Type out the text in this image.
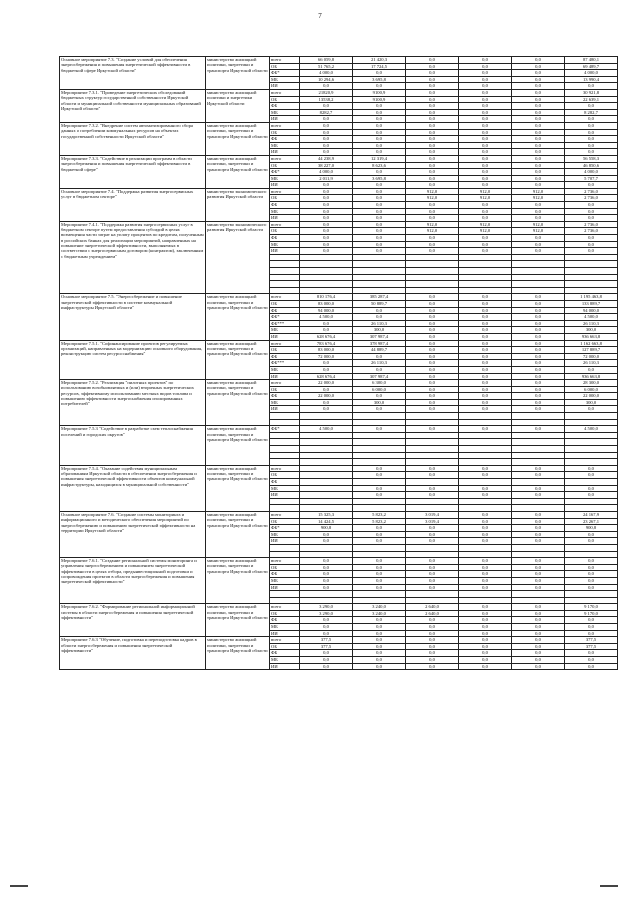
7
Основное мероприятие 7.3. "Создание условий для обеспечения энергосбережения и повышения энергетической эффективности в бюджетной сфере Иркутской области"	министерство жилищной политики, энергетики и транспорта Иркутской области	всего	66 059,8	21 420,3	0,0	0,0	0,0	87 480,1
		ОБ	51 765,2	17 724,5	0,0	0,0	0,0	69 489,7
		ФБ*	4 000,0	0,0	0,0	0,0	0,0	4 000,0
		МБ	10 294,6	3 695,8	0,0	0,0	0,0	13 990,4
		ИИ	0,0	0,0	0,0	0,0	0,0	0,0
Мероприятие 7.3.1. "Проведение энергетических обследований бюджетных структур государственной собственности Иркутской области и муниципальной собственности муниципальных образований Иркутской области"	министерство жилищной политики и энергетики Иркутской области	всего	21820,9	9100,9	0,0	0,0	0,0	30 921,8
		ОБ	13538,2	9100,9	0,0	0,0	0,0	22 639,1
		ФБ	0,0	0,0	0,0	0,0	0,0	0,0
		МБ	8282,7	0,0	0,0	0,0	0,0	8 282,7
		ИИ	0,0	0,0	0,0	0,0	0,0	0,0
Мероприятие 7.3.2. "Внедрение систем автоматизированного сбора данных о потреблении коммунальных ресурсов на объектах государственной собственности Иркутской области"	министерство жилищной политики, энергетики и транспорта Иркутской области	всего	0,0	0,0	0,0	0,0	0,0	0,0
		ОБ	0,0	0,0	0,0	0,0	0,0	0,0
		ФБ	0,0	0,0	0,0	0,0	0,0	0,0
		МБ	0,0	0,0	0,0	0,0	0,0	0,0
		ИИ	0,0	0,0	0,0	0,0	0,0	0,0
Мероприятие 7.3.3. "Содействие в реализации программ в области энергосбережения и повышения энергетической эффективности в бюджетной сфере"	министерство жилищной политики, энергетики и транспорта Иркутской области	всего	44 238,9	12 319,4	0,0	0,0	0,0	56 558,3
		ОБ	38 227,0	8 623,6	0,0	0,0	0,0	46 850,6
		ФБ*	4 000,0	0,0	0,0	0,0	0,0	4 000,0
		МБ	2 011,9	3 695,8	0,0	0,0	0,0	5 707,7
		ИИ	0,0	0,0	0,0	0,0	0,0	0,0
Основное мероприятие 7.4. "Поддержка развития энергосервисных услуг в бюджетном секторе"	министерство экономического развития Иркутской области	всего	0,0	0,0	912,0	912,0	912,0	2 736,0
		ОБ	0,0	0,0	912,0	912,0	912,0	2 736,0
		ФБ	0,0	0,0	0,0	0,0	0,0	0,0
		МБ	0,0	0,0	0,0	0,0	0,0	0,0
		ИИ	0,0	0,0	0,0	0,0	0,0	0,0
Мероприятие 7.4.1. "Поддержка развития энергосервисных услуг в бюджетном секторе путем предоставления субсидий в целях возмещения части затрат на уплату процентов по кредитам, полученным в российских банках для реализации мероприятий, направленных на повышение энергетической эффективности, выполняемых в соответствии с энергосервисным договором (контрактом), заключенным с бюджетным учреждением"	министерство экономического развития Иркутской области	всего	0,0	0,0	912,0	912,0	912,0	2 736,0
		ОБ	0,0	0,0	912,0	912,0	912,0	2 736,0
		ФБ	0,0	0,0	0,0	0,0	0,0	0,0
		МБ	0,0	0,0	0,0	0,0	0,0	0,0
		ИИ	0,0	0,0	0,0	0,0	0,0	0,0

Основное мероприятие 7.5. "Энергосбережение и повышение энергетической эффективности в системе коммунальной инфраструктуры Иркутской области"	министерство жилищной политики, энергетики и транспорта Иркутской области	всего	810 176,4	385 287,4	0,0	0,0	0,0	1 195 463,8
		ОБ	83 000,0	50 889,7	0,0	0,0	0,0	133 889,7
		ФБ	94 000,0	0,0	0,0	0,0	0,0	94 000,0
		ФБ*	4 500,0	0,0	0,0	0,0	0,0	4 500,0
		ФБ***	0,0	26 110,3	0,0	0,0	0,0	26 110,3
		МБ	0,0	300,0	0,0	0,0	0,0	300,0
		ИИ	628 676,4	307 987,4	0,0	0,0	0,0	936 663,8
Мероприятие 7.5.1. "Софинансирование проектов регулируемых организаций, направленных на модернизацию основного оборудования, реконструкцию систем ресурсоснабжения"	министерство жилищной политики, энергетики и транспорта Иркутской области	всего	783 676,4	378 987,4	0,0	0,0	0,0	1 162 663,8
		ОБ	83 000,0	44 889,7	0,0	0,0	0,0	127 889,7
		ФБ	72 000,0	0,0	0,0	0,0	0,0	72 000,0
		ФБ***	0,0	26 110,3	0,0	0,0	0,0	26 110,3
		МБ	0,0	0,0	0,0	0,0	0,0	0,0
		ИИ	628 676,4	307 987,4	0,0	0,0	0,0	936 663,8
Мероприятие 7.5.2. "Реализация "пилотных проектов" по использованию возобновляемых и (или) вторичных энергетических ресурсов, эффективному использованию местных видов топлива и повышению эффективности энергоснабжения изолированных потребителей"	министерство жилищной политики, энергетики и транспорта Иркутской области	всего	22 000,0	6 300,0	0,0	0,0	0,0	28 300,0
		ОБ	0,0	6 000,0	0,0	0,0	0,0	6 000,0
		ФБ	22 000,0	0,0	0,0	0,0	0,0	22 000,0
		МБ	0,0	300,0	0,0	0,0	0,0	300,0
		ИИ	0,0	0,0	0,0	0,0	0,0	0,0

Мероприятие 7.5.3 "Содействие в разработке схем теплоснабжения поселений и городских округов"	министерство жилищной политики, энергетики и транспорта Иркутской области	ФБ*	4 500,0	0,0	0,0	0,0	0,0	4 500,0

Мероприятие 7.5.4. "Оказание содействия муниципальным образованиям Иркутской области в обеспечении энергосбережения и повышения энергетической эффективности объектов коммунальной инфраструктуры, находящихся в муниципальной собственности"	министерство жилищной политики, энергетики и транспорта Иркутской области	всего		0,0	0,0	0,0	0,0	0,0
		ОБ		0,0	0,0	0,0	0,0	0,0
		ФБ						
		МБ		0,0	0,0	0,0	0,0	0,0
		ИИ		0,0	0,0	0,0	0,0	0,0

Основное мероприятие 7.6. "Создание системы мониторинга и информационного и методического обеспечения мероприятий по энергосбережению и повышению энергетической эффективности на территории Иркутской области"	министерство жилищной политики, энергетики и транспорта Иркутской области	всего	15 325,3	5 823,2	3 019,4	0,0	0,0	24 167,9
		ОБ	14 424,5	5 823,2	3 019,4	0,0	0,0	23 267,1
		ФБ*	900,8	0,0	0,0	0,0	0,0	900,8
		МБ	0,0	0,0	0,0	0,0	0,0	0,0
		ИИ	0,0	0,0	0,0	0,0	0,0	0,0

Мероприятие 7.6.1. "Создание региональной системы мониторинга и управления энергосбережением и повышением энергетической эффективности в целях отбора, предынвестиционной подготовки и сопровождения проектов в области энергосбережения и повышения энергетической эффективности"	министерство жилищной политики, энергетики и транспорта Иркутской области	всего	0,0	0,0	0,0	0,0	0,0	0,0
		ОБ	0,0	0,0	0,0	0,0	0,0	0,0
		ФБ	0,0	0,0	0,0	0,0	0,0	0,0
		МБ	0,0	0,0	0,0	0,0	0,0	0,0
		ИИ	0,0	0,0	0,0	0,0	0,0	0,0

Мероприятие 7.6.2. "Формирование региональной информационной системы в области энергосбережения и повышения энергетической эффективности"	министерство жилищной политики, энергетики и транспорта Иркутской области	всего	3 290,0	3 240,0	2 640,0	0,0	0,0	9 170,0
		ОБ	3 290,0	3 240,0	2 640,0	0,0	0,0	9 170,0
		ФБ	0,0	0,0	0,0	0,0	0,0	0,0
		МБ	0,0	0,0	0,0	0,0	0,0	0,0
		ИИ	0,0	0,0	0,0	0,0	0,0	0,0
Мероприятие 7.6.3 "Обучение, подготовка и переподготовка кадров в области энергосбережения и повышения энергетической эффективности"	министерство жилищной политики, энергетики и транспорта Иркутской области	всего	377,5	0,0	0,0	0,0	0,0	377,5
		ОБ	377,5	0,0	0,0	0,0	0,0	377,5
		ФБ	0,0	0,0	0,0	0,0	0,0	0,0
		МБ	0,0	0,0	0,0	0,0	0,0	0,0
		ИИ	0,0	0,0	0,0	0,0	0,0	0,0
